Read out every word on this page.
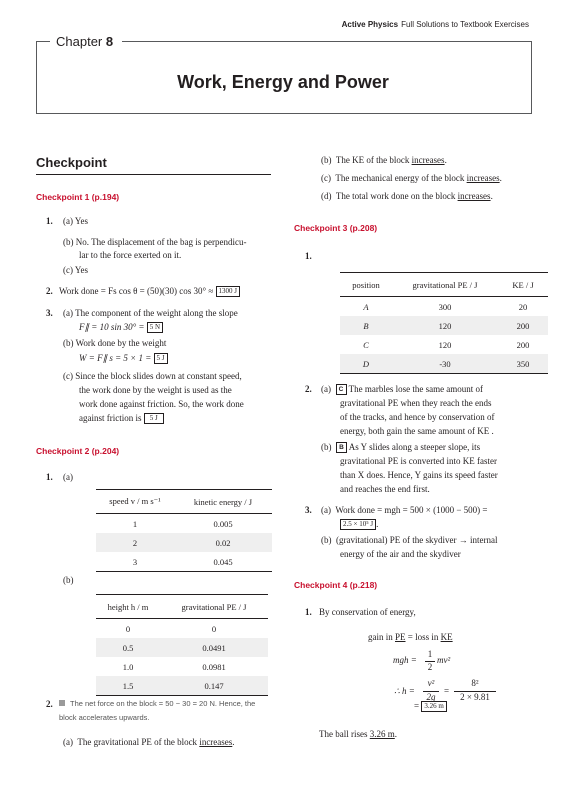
Active Physics Full Solutions to Textbook Exercises
Chapter 8
Work, Energy and Power
Checkpoint
Checkpoint 1 (p.194)
1. (a) Yes
(b) No. The displacement of the bag is perpendicu-
lar to the force exerted on it.
(c) Yes
2. Work done = Fs cos θ = (50)(30) cos 30° ≈ 1300 J
3. (a) The component of the weight along the slope
F∥ = 10 sin 30° = 5 N
(b) Work done by the weight
W = F∥ s = 5 × 1 = 5 J
(c) Since the block slides down at constant speed,
the work done by the weight is used as the
work done against friction. So, the work done
against friction is 5 J
Checkpoint 2 (p.204)
1. (a)
speed v / m s⁻¹	kinetic energy / J
1	0.005
2	0.02
3	0.045
(b)
height h / m	gravitational PE / J
0	0
0.5	0.0491
1.0	0.0981
1.5	0.147
2. The net force on the block = 50 − 30 = 20 N. Hence, the
block accelerates upwards.
(a) The gravitational PE of the block increases.
(b) The KE of the block increases.
(c) The mechanical energy of the block increases.
(d) The total work done on the block increases.
Checkpoint 3 (p.208)
1.
position	gravitational PE / J	KE / J
A	300	20
B	120	200
C	120	200
D	-30	350
2. (a) C The marbles lose the same amount of
gravitational PE when they reach the ends
of the tracks, and hence by conservation of
energy, both gain the same amount of KE .
(b) B As Y slides along a steeper slope, its
gravitational PE is converted into KE faster
than X does. Hence, Y gains its speed faster
and reaches the end first.
3. (a) Work done = mgh = 500 × (1000 − 500) =
2.5 × 10⁵ J .
(b) (gravitational) PE of the skydiver → internal
energy of the air and the skydiver
Checkpoint 4 (p.218)
1. By conservation of energy,
gain in PE = loss in KE
mgh =
1
2
mv²
∴ h =
v²
2g
=
8²
2 × 9.81
= 3.26 m
The ball rises 3.26 m.
